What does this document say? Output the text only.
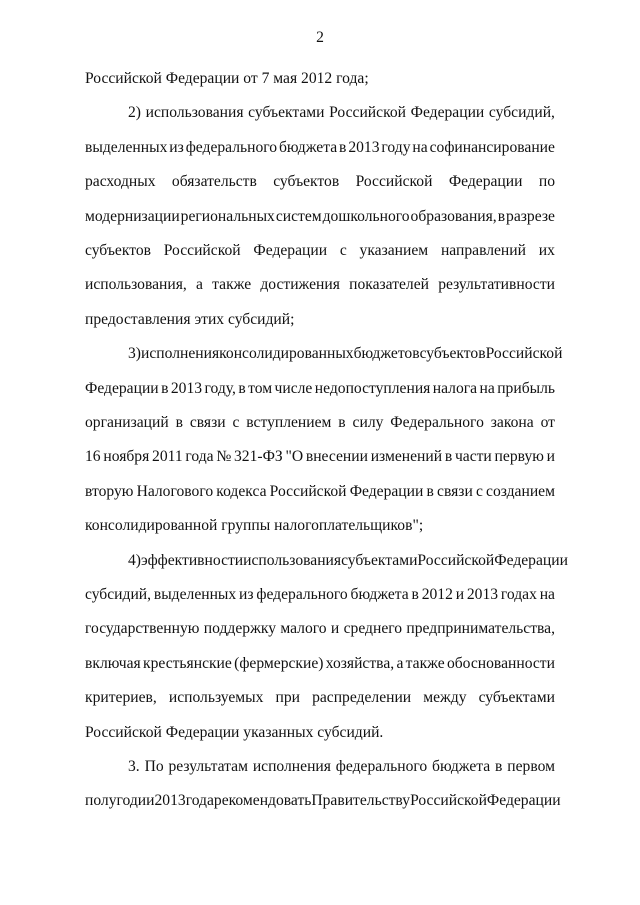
2
Российской Федерации от 7 мая 2012 года;
2) использования субъектами Российской Федерации субсидий,
выделенных из федерального бюджета в 2013 году на софинансирование
расходных обязательств субъектов Российской Федерации по
модернизации региональных систем дошкольного образования, в разрезе
субъектов Российской Федерации с указанием направлений их
использования, а также достижения показателей результативности
предоставления этих субсидий;
3) исполнения консолидированных бюджетов субъектов Российской
Федерации в 2013 году, в том числе недопоступления налога на прибыль
организаций в связи с вступлением в силу Федерального закона от
16 ноября 2011 года № 321-ФЗ "О внесении изменений в части первую и
вторую Налогового кодекса Российской Федерации в связи с созданием
консолидированной группы налогоплательщиков";
4) эффективности использования субъектами Российской Федерации
субсидий, выделенных из федерального бюджета в 2012 и 2013 годах на
государственную поддержку малого и среднего предпринимательства,
включая крестьянские (фермерские) хозяйства, а также обоснованности
критериев, используемых при распределении между субъектами
Российской Федерации указанных субсидий.
3. По результатам исполнения федерального бюджета в первом
полугодии 2013 года рекомендовать Правительству Российской Федерации
